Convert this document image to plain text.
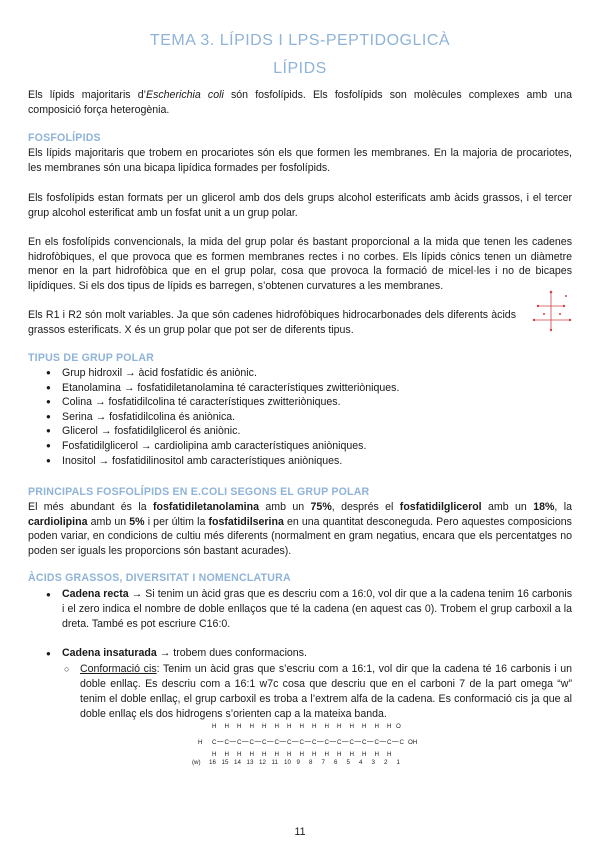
TEMA 3. LÍPIDS I LPS-PEPTIDOGLICÀ
LÍPIDS
Els lípids majoritaris d’Escherichia coli són fosfolípids. Els fosfolípids son molècules complexes amb una composició força heterogènia.
FOSFOLÍPIDS
Els lípids majoritaris que trobem en procariotes són els que formen les membranes. En la majoria de procariotes, les membranes són una bicapa lipídica formades per fosfolípids.
Els fosfolípids estan formats per un glicerol amb dos dels grups alcohol esterificats amb àcids grassos, i el tercer grup alcohol esterificat amb un fosfat unit a un grup polar.
En els fosfolípids convencionals, la mida del grup polar és bastant proporcional a la mida que tenen les cadenes hidrofòbiques, el que provoca que es formen membranes rectes i no corbes. Els lípids cònics tenen un diàmetre menor en la part hidrofòbica que en el grup polar, cosa que provoca la formació de micel·les i no de bicapes lipídiques. Si els dos tipus de lípids es barregen, s’obtenen curvatures a les membranes.
Els R1 i R2 són molt variables. Ja que són cadenes hidrofòbiques hidrocarbonades dels diferents àcids grassos esterificats. X és un grup polar que pot ser de diferents tipus.
TIPUS DE GRUP POLAR
● Grup hidroxil → àcid fosfatídic és aniònic.
● Etanolamina → fosfatidiletanolamina té característiques zwitteriòniques.
● Colina → fosfatidilcolina té característiques zwitteriòniques.
● Serina → fosfatidilcolina és aniònica.
● Glicerol → fosfatidilglicerol és aniònic.
● Fosfatidilglicerol → cardiolipina amb característiques aniòniques.
● Inositol → fosfatidilinositol amb característiques aniòniques.
PRINCIPALS FOSFOLÍPIDS EN E.COLI SEGONS EL GRUP POLAR
El més abundant és la fosfatidiletanolamina amb un 75%, després el fosfatidilglicerol amb un 18%, la cardiolipina amb un 5% i per últim la fosfatidilserina en una quantitat desconeguda. Pero aquestes composicions poden variar, en condicions de cultiu més diferents (normalment en gram negatius, encara que els percentatges no poden ser iguals les proporcions són bastant acurades).
ÀCIDS GRASSOS, DIVERSITAT I NOMENCLATURA
● Cadena recta → Si tenim un àcid gras que es descriu com a 16:0, vol dir que a la cadena tenim 16 carbonis i el zero indica el nombre de doble enllaços que té la cadena (en aquest cas 0). Trobem el grup carboxil a la dreta. També es pot escriure C16:0.
● Cadena insaturada → trobem dues conformacions.
○ Conformació cis: Tenim un àcid gras que s’escriu com a 16:1, vol dir que la cadena té 16 carbonis i un doble enllaç. Es descriu com a 16:1 w7c cosa que descriu que en el carboni 7 de la part omega “w” tenim el doble enllaç, el grup carboxil es troba a l’extrem alfa de la cadena. Es conformació cis ja que al doble enllaç els dos hidrogens s’orienten cap a la mateixa banda.
O
OH
(w) 16 15 14 13 12 11 10 9 8 7 6 5 4 3 2 1
H
C
H
H
C
H
H
C
H
H
C
H
H
C
H
H
C
H
H
C
H
H
C
H
H
C
H
H
C
H
H
C
H
H
C
H
H
C
H
H
C
H
H
C
H
C
H
11
